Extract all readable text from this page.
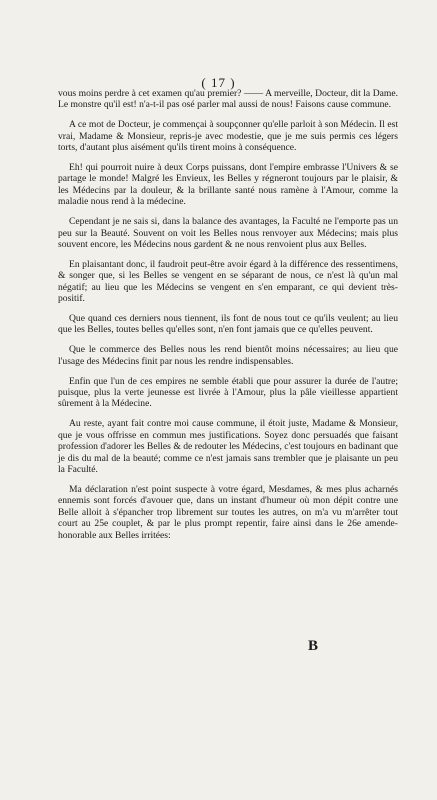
( 17 )

vous moins perdre à cet examen qu'au premier? —— A merveille, Docteur, dit la Dame. Le monstre qu'il est! n'a-t-il pas osé parler mal aussi de nous! Faisons cause commune.

A ce mot de Docteur, je commençai à soupçonner qu'elle parloit à son Médecin. Il est vrai, Madame & Monsieur, repris-je avec modestie, que je me suis permis ces légers torts, d'autant plus aisément qu'ils tirent moins à conséquence.

Eh! qui pourroit nuire à deux Corps puissans, dont l'empire embrasse l'Univers & se partage le monde! Malgré les Envieux, les Belles y régneront toujours par le plaisir, & les Médecins par la douleur, & la brillante santé nous ramène à l'Amour, comme la maladie nous rend à la médecine.

Cependant je ne sais si, dans la balance des avantages, la Faculté ne l'emporte pas un peu sur la Beauté. Souvent on voit les Belles nous renvoyer aux Médecins; mais plus souvent encore, les Médecins nous gardent & ne nous renvoient plus aux Belles.

En plaisantant donc, il faudroit peut-être avoir égard à la différence des ressentimens, & songer que, si les Belles se vengent en se séparant de nous, ce n'est là qu'un mal négatif; au lieu que les Médecins se vengent en s'en emparant, ce qui devient très-positif.

Que quand ces derniers nous tiennent, ils font de nous tout ce qu'ils veulent; au lieu que les Belles, toutes belles qu'elles sont, n'en font jamais que ce qu'elles peuvent.

Que le commerce des Belles nous les rend bientôt moins nécessaires; au lieu que l'usage des Médecins finit par nous les rendre indispensables.

Enfin que l'un de ces empires ne semble établi que pour assurer la durée de l'autre; puisque, plus la verte jeunesse est livrée à l'Amour, plus la pâle vieillesse appartient sûrement à la Médecine.

Au reste, ayant fait contre moi cause commune, il étoit juste, Madame & Monsieur, que je vous offrisse en commun mes justifications. Soyez donc persuadés que faisant profession d'adorer les Belles & de redouter les Médecins, c'est toujours en badinant que je dis du mal de la beauté; comme ce n'est jamais sans trembler que je plaisante un peu la Faculté.

Ma déclaration n'est point suspecte à votre égard, Mesdames, & mes plus acharnés ennemis sont forcés d'avouer que, dans un instant d'humeur où mon dépit contre une Belle alloit à s'épancher trop librement sur toutes les autres, on m'a vu m'arrêter tout court au 25e couplet, & par le plus prompt repentir, faire ainsi dans le 26e amende-honorable aux Belles irritées:

B
